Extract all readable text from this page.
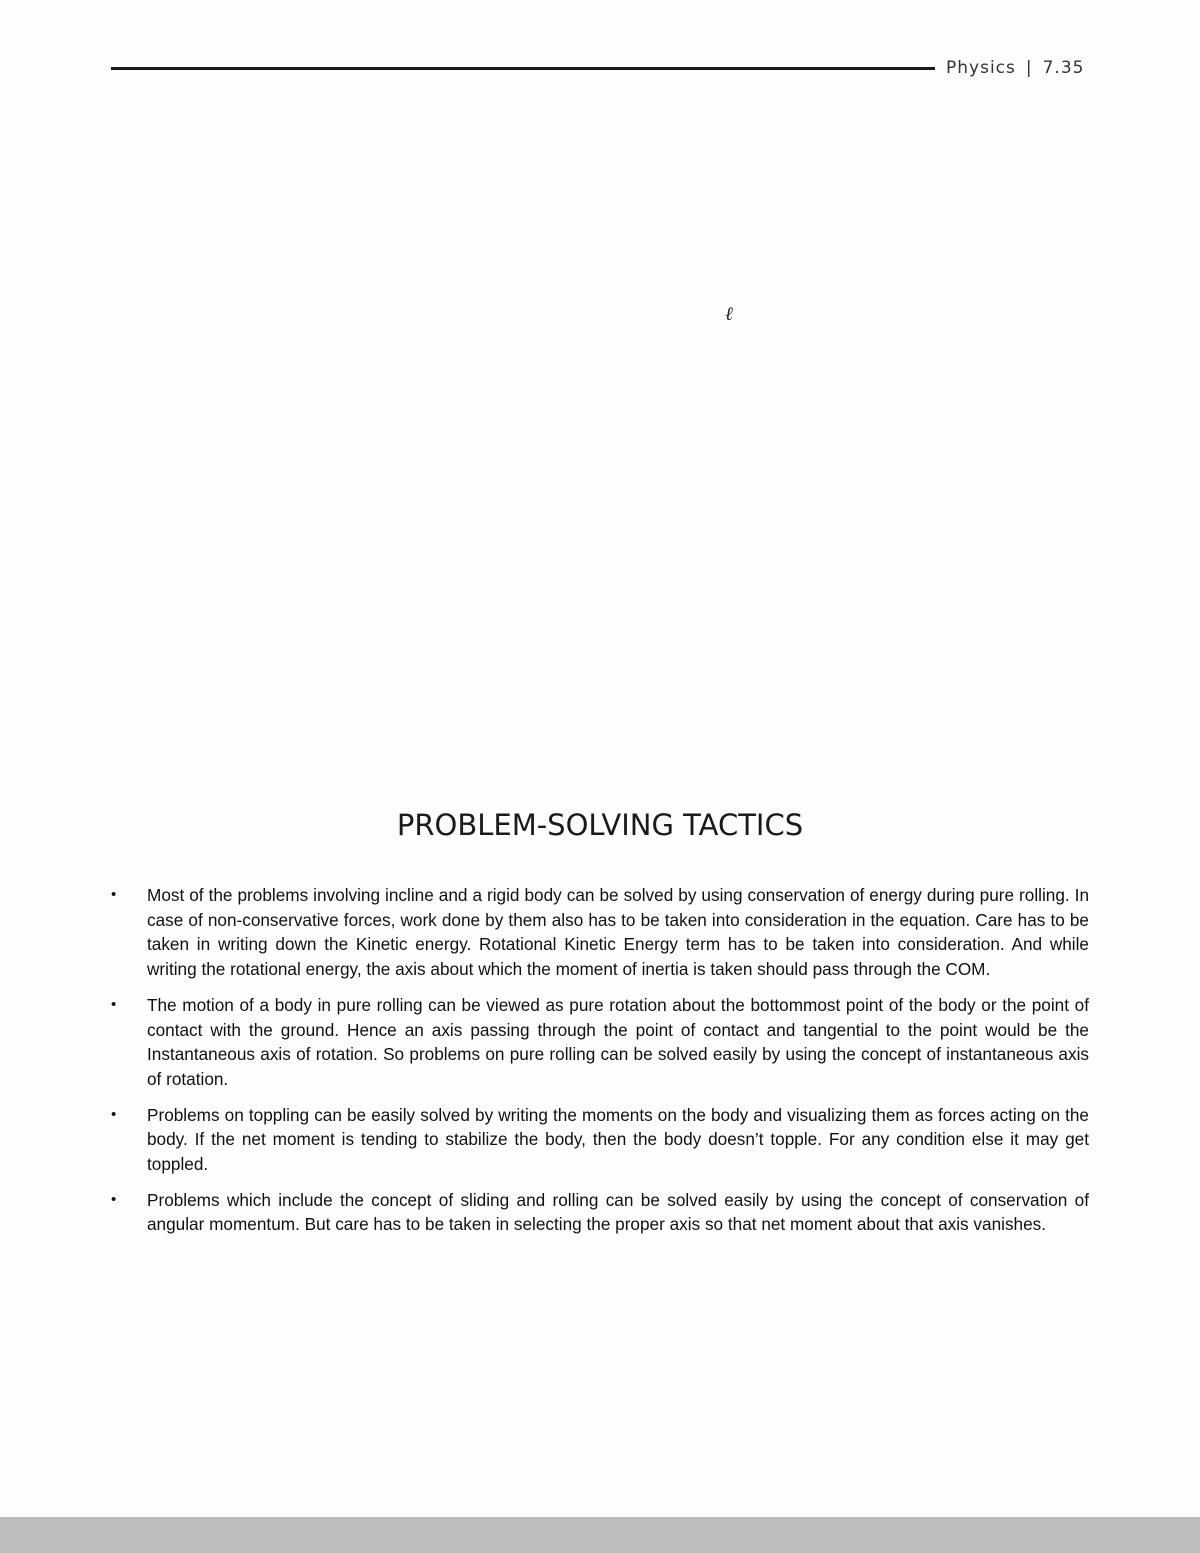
Physics | 7.35
ℓ
PROBLEM-SOLVING TACTICS
• Most of the problems involving incline and a rigid body can be solved by using conservation of energy during pure rolling. In case of non-conservative forces, work done by them also has to be taken into consideration in the equation. Care has to be taken in writing down the Kinetic energy. Rotational Kinetic Energy term has to be taken into consideration. And while writing the rotational energy, the axis about which the moment of inertia is taken should pass through the COM.
• The motion of a body in pure rolling can be viewed as pure rotation about the bottommost point of the body or the point of contact with the ground. Hence an axis passing through the point of contact and tangential to the point would be the Instantaneous axis of rotation. So problems on pure rolling can be solved easily by using the concept of instantaneous axis of rotation.
• Problems on toppling can be easily solved by writing the moments on the body and visualizing them as forces acting on the body. If the net moment is tending to stabilize the body, then the body doesn’t topple. For any condition else it may get toppled.
• Problems which include the concept of sliding and rolling can be solved easily by using the concept of conservation of angular momentum. But care has to be taken in selecting the proper axis so that net moment about that axis vanishes.
